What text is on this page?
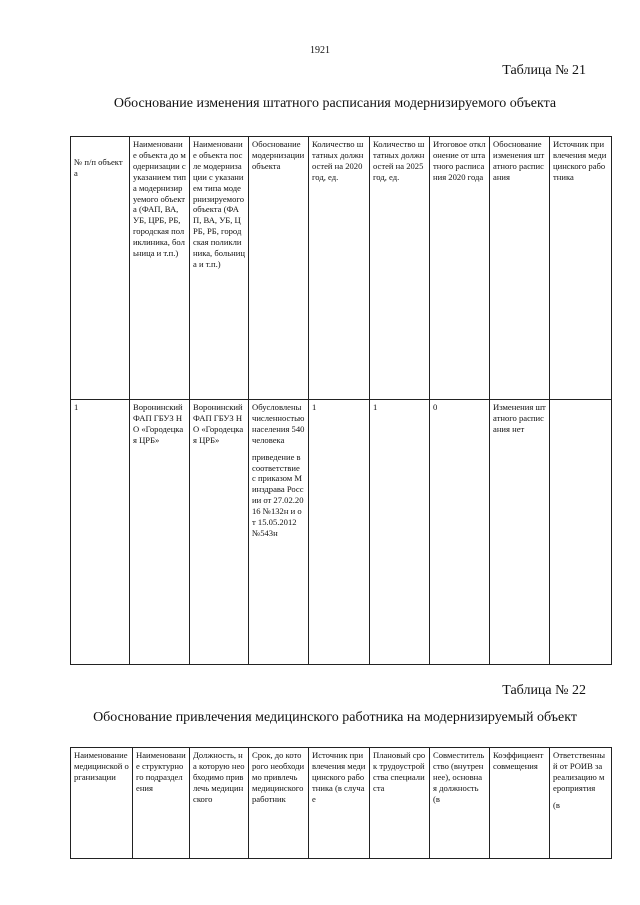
1921
Таблица № 21
Обоснование изменения штатного расписания модернизируемого объекта
№ п/п объекта	Наименование объекта до модернизации с указанием типа модернизируемого объекта (ФАП, ВА, УБ, ЦРБ, РБ, городская поликлиника, больница и т.п.)	Наименование объекта после модернизации с указанием типа модернизируемого объекта (ФАП, ВА, УБ, ЦРБ, РБ, городская поликлиника, больница и т.п.)	Обоснование модернизации объекта	Количество штатных должностей на 2020 год, ед.	Количество штатных должностей на 2025 год, ед.	Итоговое отклонение от штатного расписания 2020 года	Обоснование изменения штатного расписания	Источник привлечения медицинского работника
1	Воронинский ФАП ГБУЗ НО «Городецкая ЦРБ»	Воронинский ФАП ГБУЗ НО «Городецкая ЦРБ»	Обусловлены численностью населения 540 человека
приведение в соответствие с приказом Минздрава России от 27.02.2016 №132н и от 15.05.2012 №543н	1	1	0	Изменения штатного расписания нет	
Таблица № 22
Обоснование привлечения медицинского работника на модернизируемый объект
Наименование медицинской организации	Наименование структурного подразделения	Должность, на которую необходимо привлечь медицинского	Срок, до которого необходимо привлечь медицинского работник	Источник привлечения медицинского работника (в случае	Плановый срок трудоустройства специалиста	Совместительство (внутреннее), основная должность (в	Коэффициент совмещения	Ответственный от РОИВ за реализацию мероприятия
(в
